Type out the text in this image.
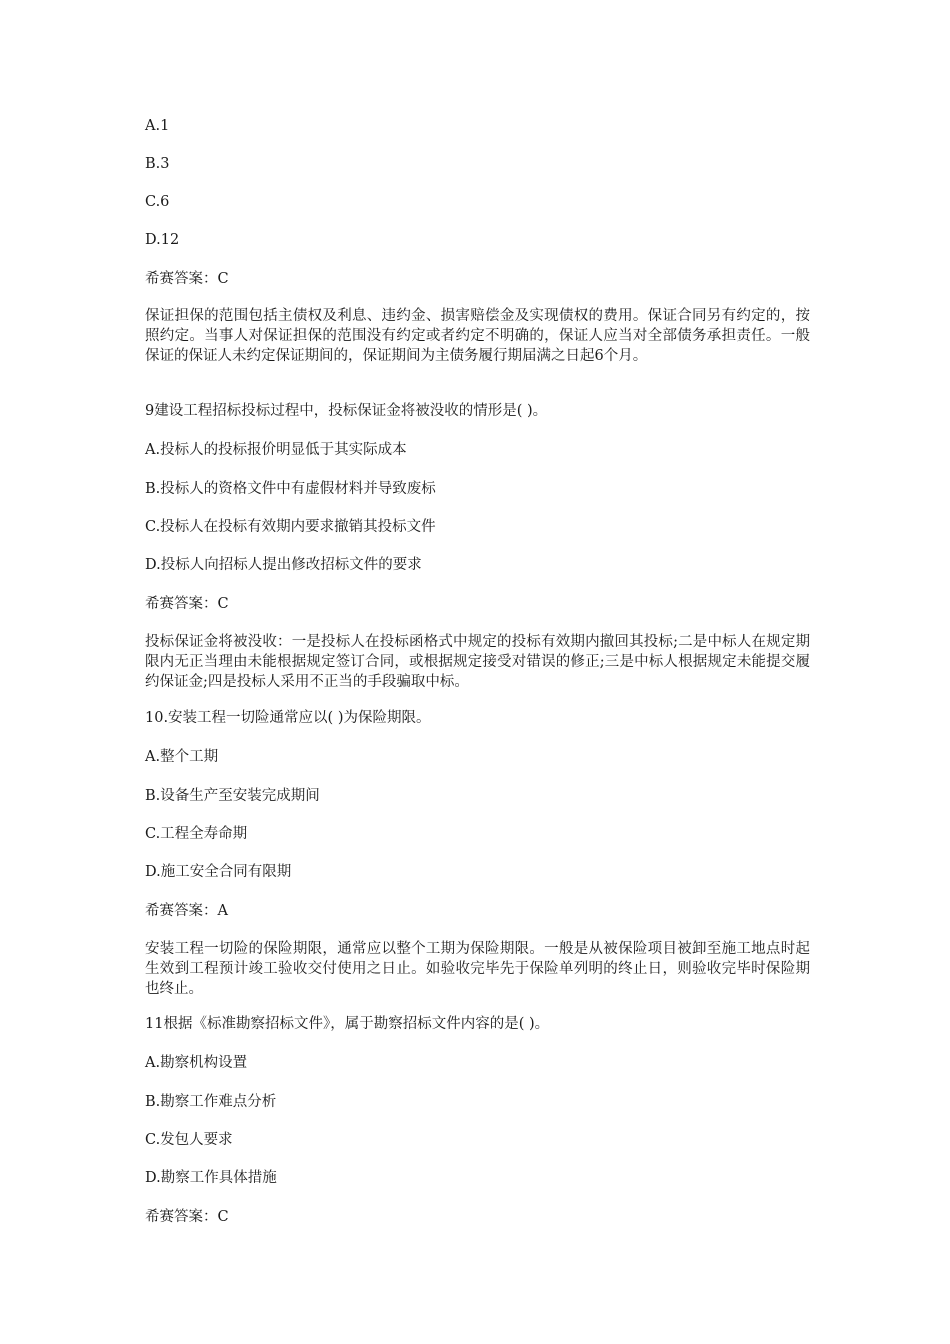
A.1
B.3
C.6
D.12
希赛答案：C
保证担保的范围包括主债权及利息、违约金、损害赔偿金及实现债权的费用。保证合同另有约定的，按照约定。当事人对保证担保的范围没有约定或者约定不明确的，保证人应当对全部债务承担责任。一般保证的保证人未约定保证期间的，保证期间为主债务履行期届满之日起6个月。
9建设工程招标投标过程中，投标保证金将被没收的情形是( )。
A.投标人的投标报价明显低于其实际成本
B.投标人的资格文件中有虚假材料并导致废标
C.投标人在投标有效期内要求撤销其投标文件
D.投标人向招标人提出修改招标文件的要求
希赛答案：C
投标保证金将被没收：一是投标人在投标函格式中规定的投标有效期内撤回其投标;二是中标人在规定期限内无正当理由未能根据规定签订合同，或根据规定接受对错误的修正;三是中标人根据规定未能提交履约保证金;四是投标人采用不正当的手段骗取中标。
10.安装工程一切险通常应以( )为保险期限。
A.整个工期
B.设备生产至安装完成期间
C.工程全寿命期
D.施工安全合同有限期
希赛答案：A
安装工程一切险的保险期限，通常应以整个工期为保险期限。一般是从被保险项目被卸至施工地点时起生效到工程预计竣工验收交付使用之日止。如验收完毕先于保险单列明的终止日，则验收完毕时保险期也终止。
11根据《标准勘察招标文件》，属于勘察招标文件内容的是( )。
A.勘察机构设置
B.勘察工作难点分析
C.发包人要求
D.勘察工作具体措施
希赛答案：C
